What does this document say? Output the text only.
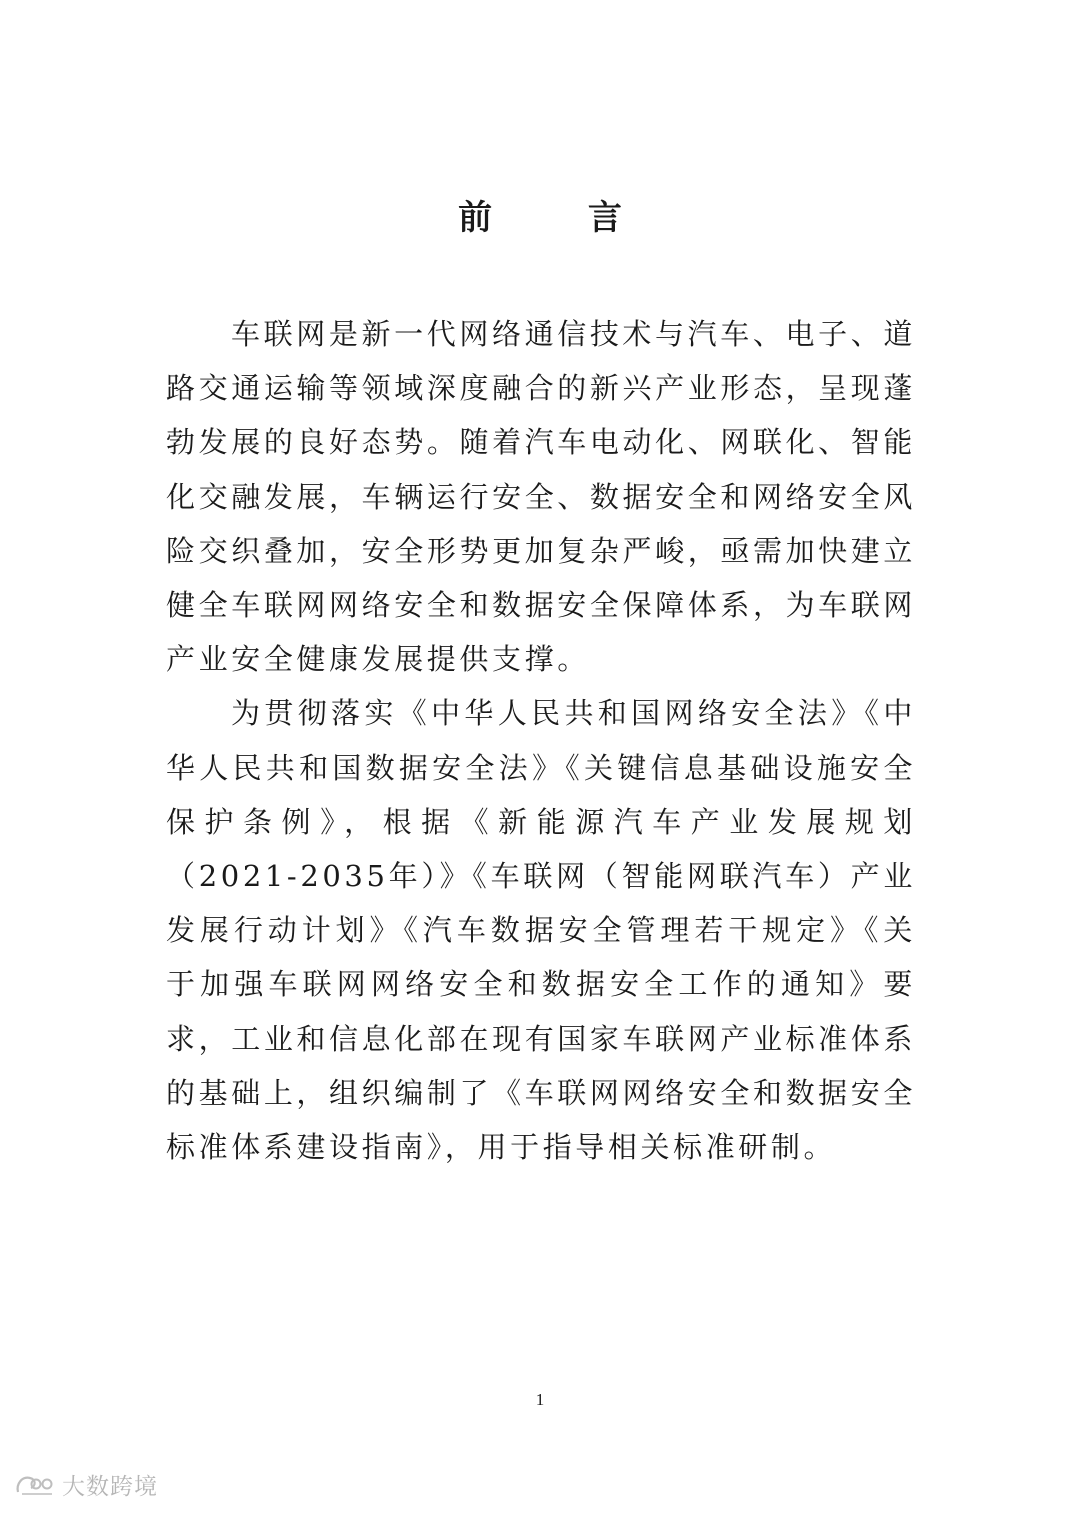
前 言

车联网是新一代网络通信技术与汽车、电子、道路交通运输等领域深度融合的新兴产业形态，呈现蓬勃发展的良好态势。随着汽车电动化、网联化、智能化交融发展，车辆运行安全、数据安全和网络安全风险交织叠加，安全形势更加复杂严峻，亟需加快建立健全车联网网络安全和数据安全保障体系，为车联网产业安全健康发展提供支撑。

为贯彻落实《中华人民共和国网络安全法》《中华人民共和国数据安全法》《关键信息基础设施安全保护条例》，根据《新能源汽车产业发展规划（2021-2035年）》《车联网（智能网联汽车）产业发展行动计划》《汽车数据安全管理若干规定》《关于加强车联网网络安全和数据安全工作的通知》要求，工业和信息化部在现有国家车联网产业标准体系的基础上，组织编制了《车联网网络安全和数据安全标准体系建设指南》，用于指导相关标准研制。

1
大数跨境
